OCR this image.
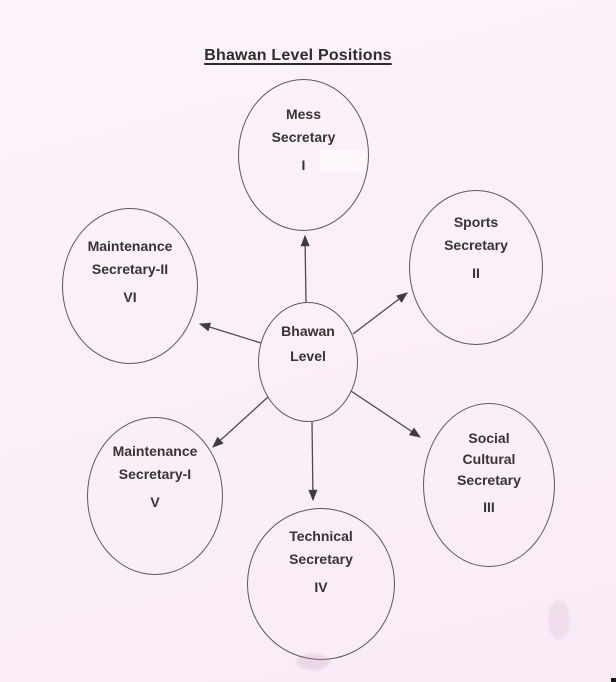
Bhawan Level Positions
Mess
Secretary
I
Sports
Secretary
II
Maintenance
Secretary-II
VI
Bhawan
Level
Maintenance
Secretary-I
V
Social
Cultural
Secretary
III
Technical
Secretary
IV
